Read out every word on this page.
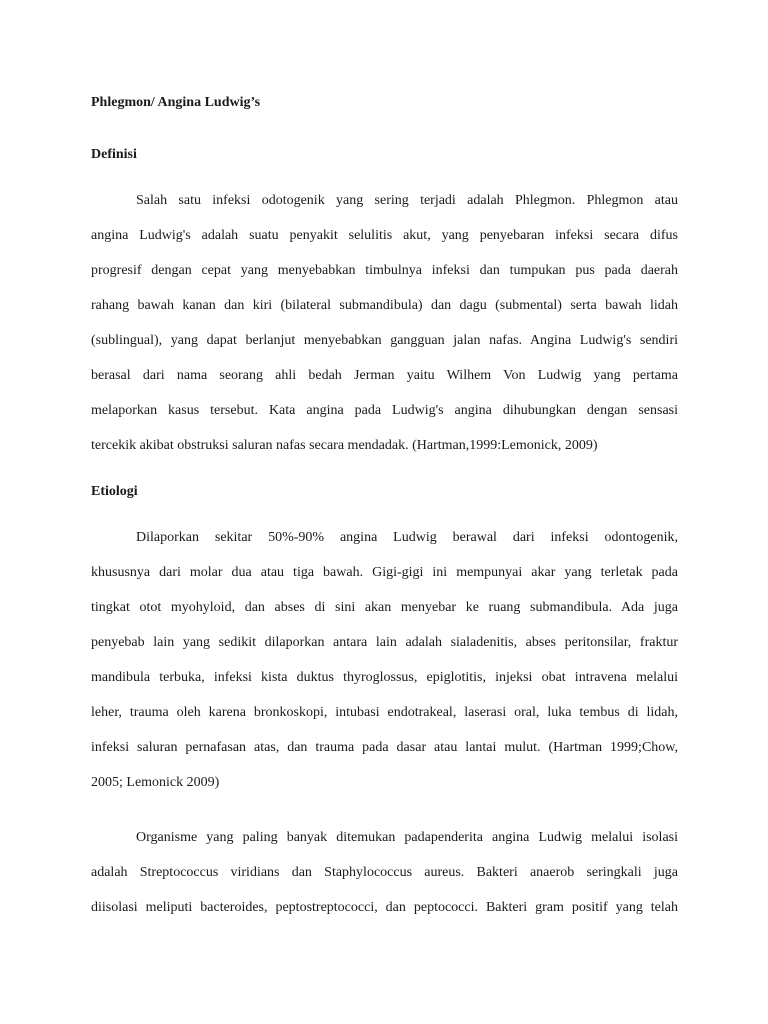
Phlegmon/ Angina Ludwig’s
Definisi
Salah satu infeksi odotogenik yang sering terjadi adalah Phlegmon. Phlegmon atau
angina Ludwig's adalah suatu penyakit selulitis akut, yang penyebaran infeksi secara difus
progresif dengan cepat yang menyebabkan timbulnya infeksi dan tumpukan pus pada daerah
rahang bawah kanan dan kiri (bilateral submandibula) dan dagu (submental) serta bawah lidah
(sublingual), yang dapat berlanjut menyebabkan gangguan jalan nafas. Angina Ludwig's sendiri
berasal dari nama seorang ahli bedah Jerman yaitu Wilhem Von Ludwig yang pertama
melaporkan kasus tersebut. Kata angina pada Ludwig's angina dihubungkan dengan sensasi
tercekik akibat obstruksi saluran nafas secara mendadak. (Hartman,1999:Lemonick, 2009)
Etiologi
Dilaporkan sekitar 50%-90% angina Ludwig berawal dari infeksi odontogenik,
khususnya dari molar dua atau tiga bawah. Gigi-gigi ini mempunyai akar yang terletak pada
tingkat otot myohyloid, dan abses di sini akan menyebar ke ruang submandibula. Ada juga
penyebab lain yang sedikit dilaporkan antara lain adalah sialadenitis, abses peritonsilar, fraktur
mandibula terbuka, infeksi kista duktus thyroglossus, epiglotitis, injeksi obat intravena melalui
leher, trauma oleh karena bronkoskopi, intubasi endotrakeal, laserasi oral, luka tembus di lidah,
infeksi saluran pernafasan atas, dan trauma pada dasar atau lantai mulut. (Hartman 1999;Chow,
2005; Lemonick 2009)
Organisme yang paling banyak ditemukan padapenderita angina Ludwig melalui isolasi
adalah Streptococcus viridians dan Staphylococcus aureus. Bakteri anaerob seringkali juga
diisolasi meliputi bacteroides, peptostreptococci, dan peptococci. Bakteri gram positif yang telah
